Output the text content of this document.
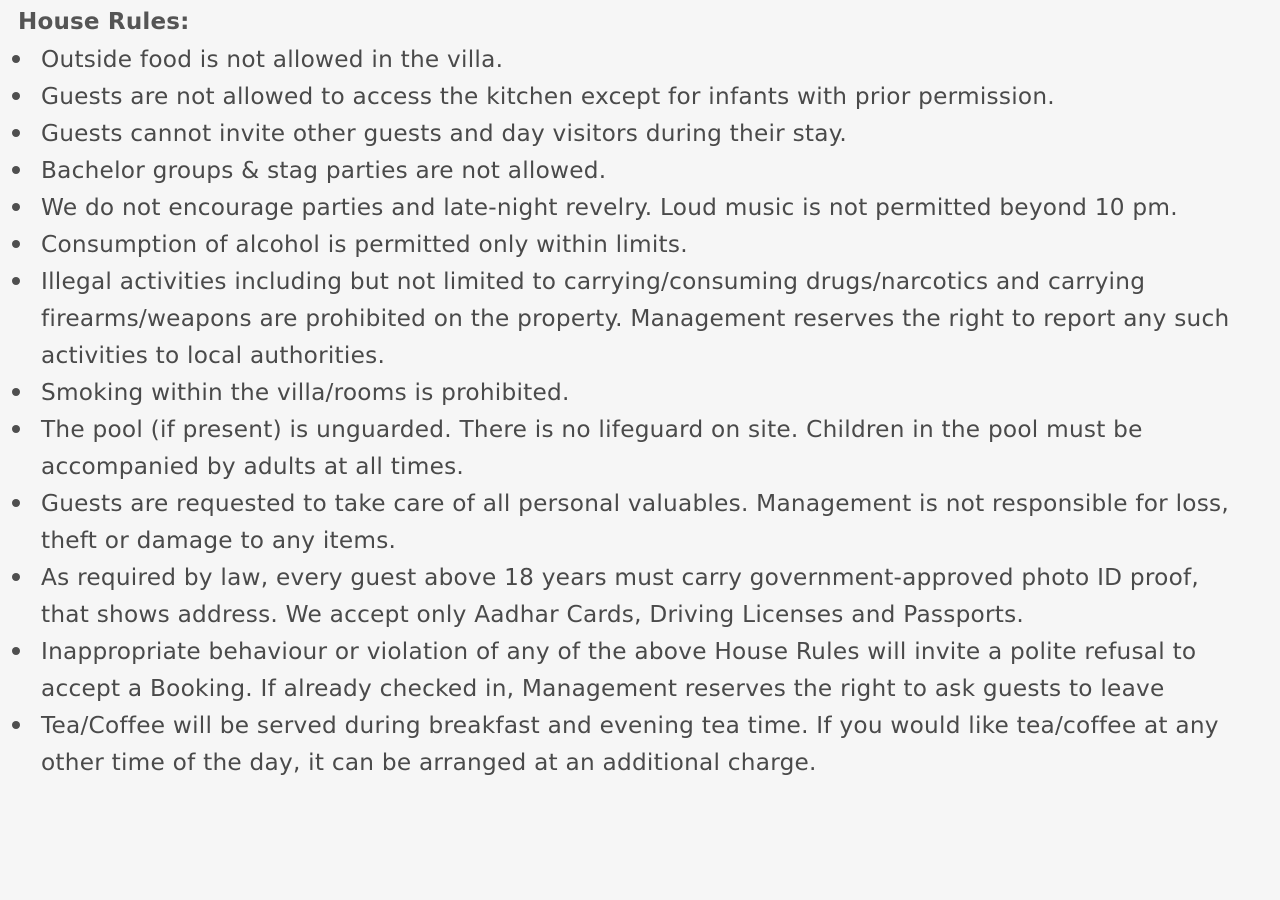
House Rules:
Outside food is not allowed in the villa.
Guests are not allowed to access the kitchen except for infants with prior permission.
Guests cannot invite other guests and day visitors during their stay.
Bachelor groups & stag parties are not allowed.
We do not encourage parties and late-night revelry. Loud music is not permitted beyond 10 pm.
Consumption of alcohol is permitted only within limits.
Illegal activities including but not limited to carrying/consuming drugs/narcotics and carrying firearms/weapons are prohibited on the property. Management reserves the right to report any such activities to local authorities.
Smoking within the villa/rooms is prohibited.
The pool (if present) is unguarded. There is no lifeguard on site. Children in the pool must be accompanied by adults at all times.
Guests are requested to take care of all personal valuables. Management is not responsible for loss, theft or damage to any items.
As required by law, every guest above 18 years must carry government-approved photo ID proof, that shows address. We accept only Aadhar Cards, Driving Licenses and Passports.
Inappropriate behaviour or violation of any of the above House Rules will invite a polite refusal to accept a Booking. If already checked in, Management reserves the right to ask guests to leave
Tea/Coffee will be served during breakfast and evening tea time. If you would like tea/coffee at any other time of the day, it can be arranged at an additional charge.
